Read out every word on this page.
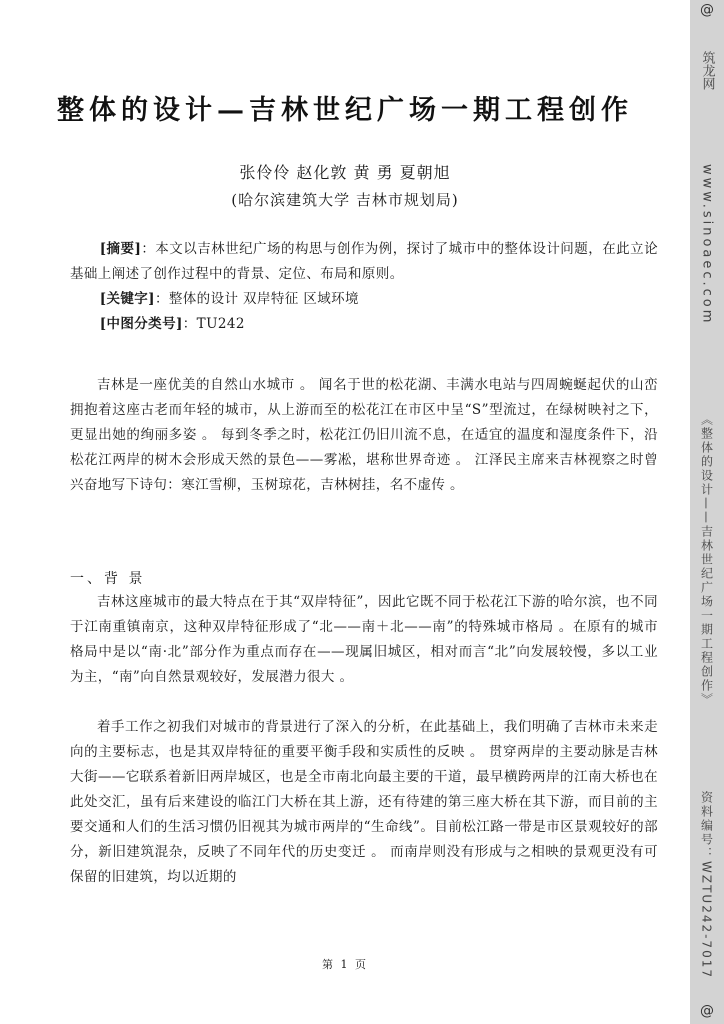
整体的设计—吉林世纪广场一期工程创作
张伶伶 赵化敦 黄 勇 夏朝旭
(哈尔滨建筑大学 吉林市规划局)

[摘要]：本文以吉林世纪广场的构思与创作为例，探讨了城市中的整体设计问题，在此立论基础上阐述了创作过程中的背景、定位、布局和原则。

[关键字]：整体的设计 双岸特征 区域环境

[中图分类号]：TU242

吉林是一座优美的自然山水城市 。 闻名于世的松花湖、丰满水电站与四周蜿蜒起伏的山峦拥抱着这座古老而年轻的城市，从上游而至的松花江在市区中呈“S”型流过，在绿树映衬之下，更显出她的绚丽多姿 。 每到冬季之时，松花江仍旧川流不息，在适宜的温度和湿度条件下，沿松花江两岸的树木会形成天然的景色——雾凇，堪称世界奇迹 。 江泽民主席来吉林视察之时曾兴奋地写下诗句：寒江雪柳，玉树琼花，吉林树挂，名不虚传 。

一、背 景

吉林这座城市的最大特点在于其“双岸特征”，因此它既不同于松花江下游的哈尔滨，也不同于江南重镇南京，这种双岸特征形成了“北——南＋北——南”的特殊城市格局 。在原有的城市格局中是以“南·北”部分作为重点而存在——现属旧城区，相对而言“北”向发展较慢，多以工业为主，“南”向自然景观较好，发展潜力很大 。

着手工作之初我们对城市的背景进行了深入的分析，在此基础上，我们明确了吉林市未来走向的主要标志，也是其双岸特征的重要平衡手段和实质性的反映 。 贯穿两岸的主要动脉是吉林大街——它联系着新旧两岸城区，也是全市南北向最主要的干道，最早横跨两岸的江南大桥也在此处交汇，虽有后来建设的临江门大桥在其上游，还有待建的第三座大桥在其下游，而目前的主要交通和人们的生活习惯仍旧视其为城市两岸的“生命线”。目前松江路一带是市区景观较好的部分，新旧建筑混杂，反映了不同年代的历史变迁 。 而南岸则没有形成与之相映的景观更没有可保留的旧建筑，均以近期的

第 1 页
@
筑龙网
www.sinoaec.com
《整体的设计——吉林世纪广场一期工程创作》
资料编号：WZTU242-7017
@
